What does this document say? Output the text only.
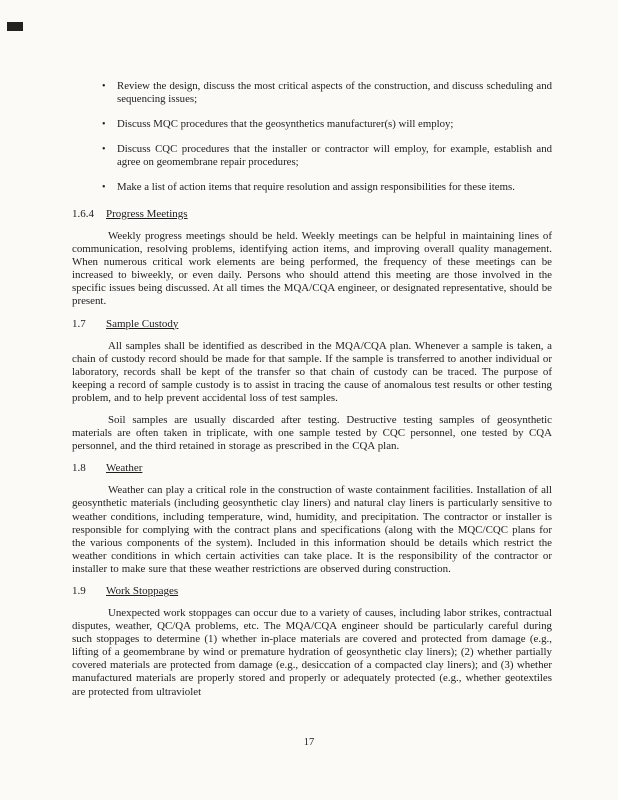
• Review the design, discuss the most critical aspects of the construction, and discuss scheduling and sequencing issues;
• Discuss MQC procedures that the geosynthetics manufacturer(s) will employ;
• Discuss CQC procedures that the installer or contractor will employ, for example, establish and agree on geomembrane repair procedures;
• Make a list of action items that require resolution and assign responsibilities for these items.
1.6.4 Progress Meetings

Weekly progress meetings should be held. Weekly meetings can be helpful in maintaining lines of communication, resolving problems, identifying action items, and improving overall quality management. When numerous critical work elements are being performed, the frequency of these meetings can be increased to biweekly, or even daily. Persons who should attend this meeting are those involved in the specific issues being discussed. At all times the MQA/CQA engineer, or designated representative, should be present.

1.7 Sample Custody

All samples shall be identified as described in the MQA/CQA plan. Whenever a sample is taken, a chain of custody record should be made for that sample. If the sample is transferred to another individual or laboratory, records shall be kept of the transfer so that chain of custody can be traced. The purpose of keeping a record of sample custody is to assist in tracing the cause of anomalous test results or other testing problem, and to help prevent accidental loss of test samples.

Soil samples are usually discarded after testing. Destructive testing samples of geosynthetic materials are often taken in triplicate, with one sample tested by CQC personnel, one tested by CQA personnel, and the third retained in storage as prescribed in the CQA plan.

1.8 Weather

Weather can play a critical role in the construction of waste containment facilities. Installation of all geosynthetic materials (including geosynthetic clay liners) and natural clay liners is particularly sensitive to weather conditions, including temperature, wind, humidity, and precipitation. The contractor or installer is responsible for complying with the contract plans and specifications (along with the MQC/CQC plans for the various components of the system). Included in this information should be details which restrict the weather conditions in which certain activities can take place. It is the responsibility of the contractor or installer to make sure that these weather restrictions are observed during construction.

1.9 Work Stoppages

Unexpected work stoppages can occur due to a variety of causes, including labor strikes, contractual disputes, weather, QC/QA problems, etc. The MQA/CQA engineer should be particularly careful during such stoppages to determine (1) whether in-place materials are covered and protected from damage (e.g., lifting of a geomembrane by wind or premature hydration of geosynthetic clay liners); (2) whether partially covered materials are protected from damage (e.g., desiccation of a compacted clay liners); and (3) whether manufactured materials are properly stored and properly or adequately protected (e.g., whether geotextiles are protected from ultraviolet

17
